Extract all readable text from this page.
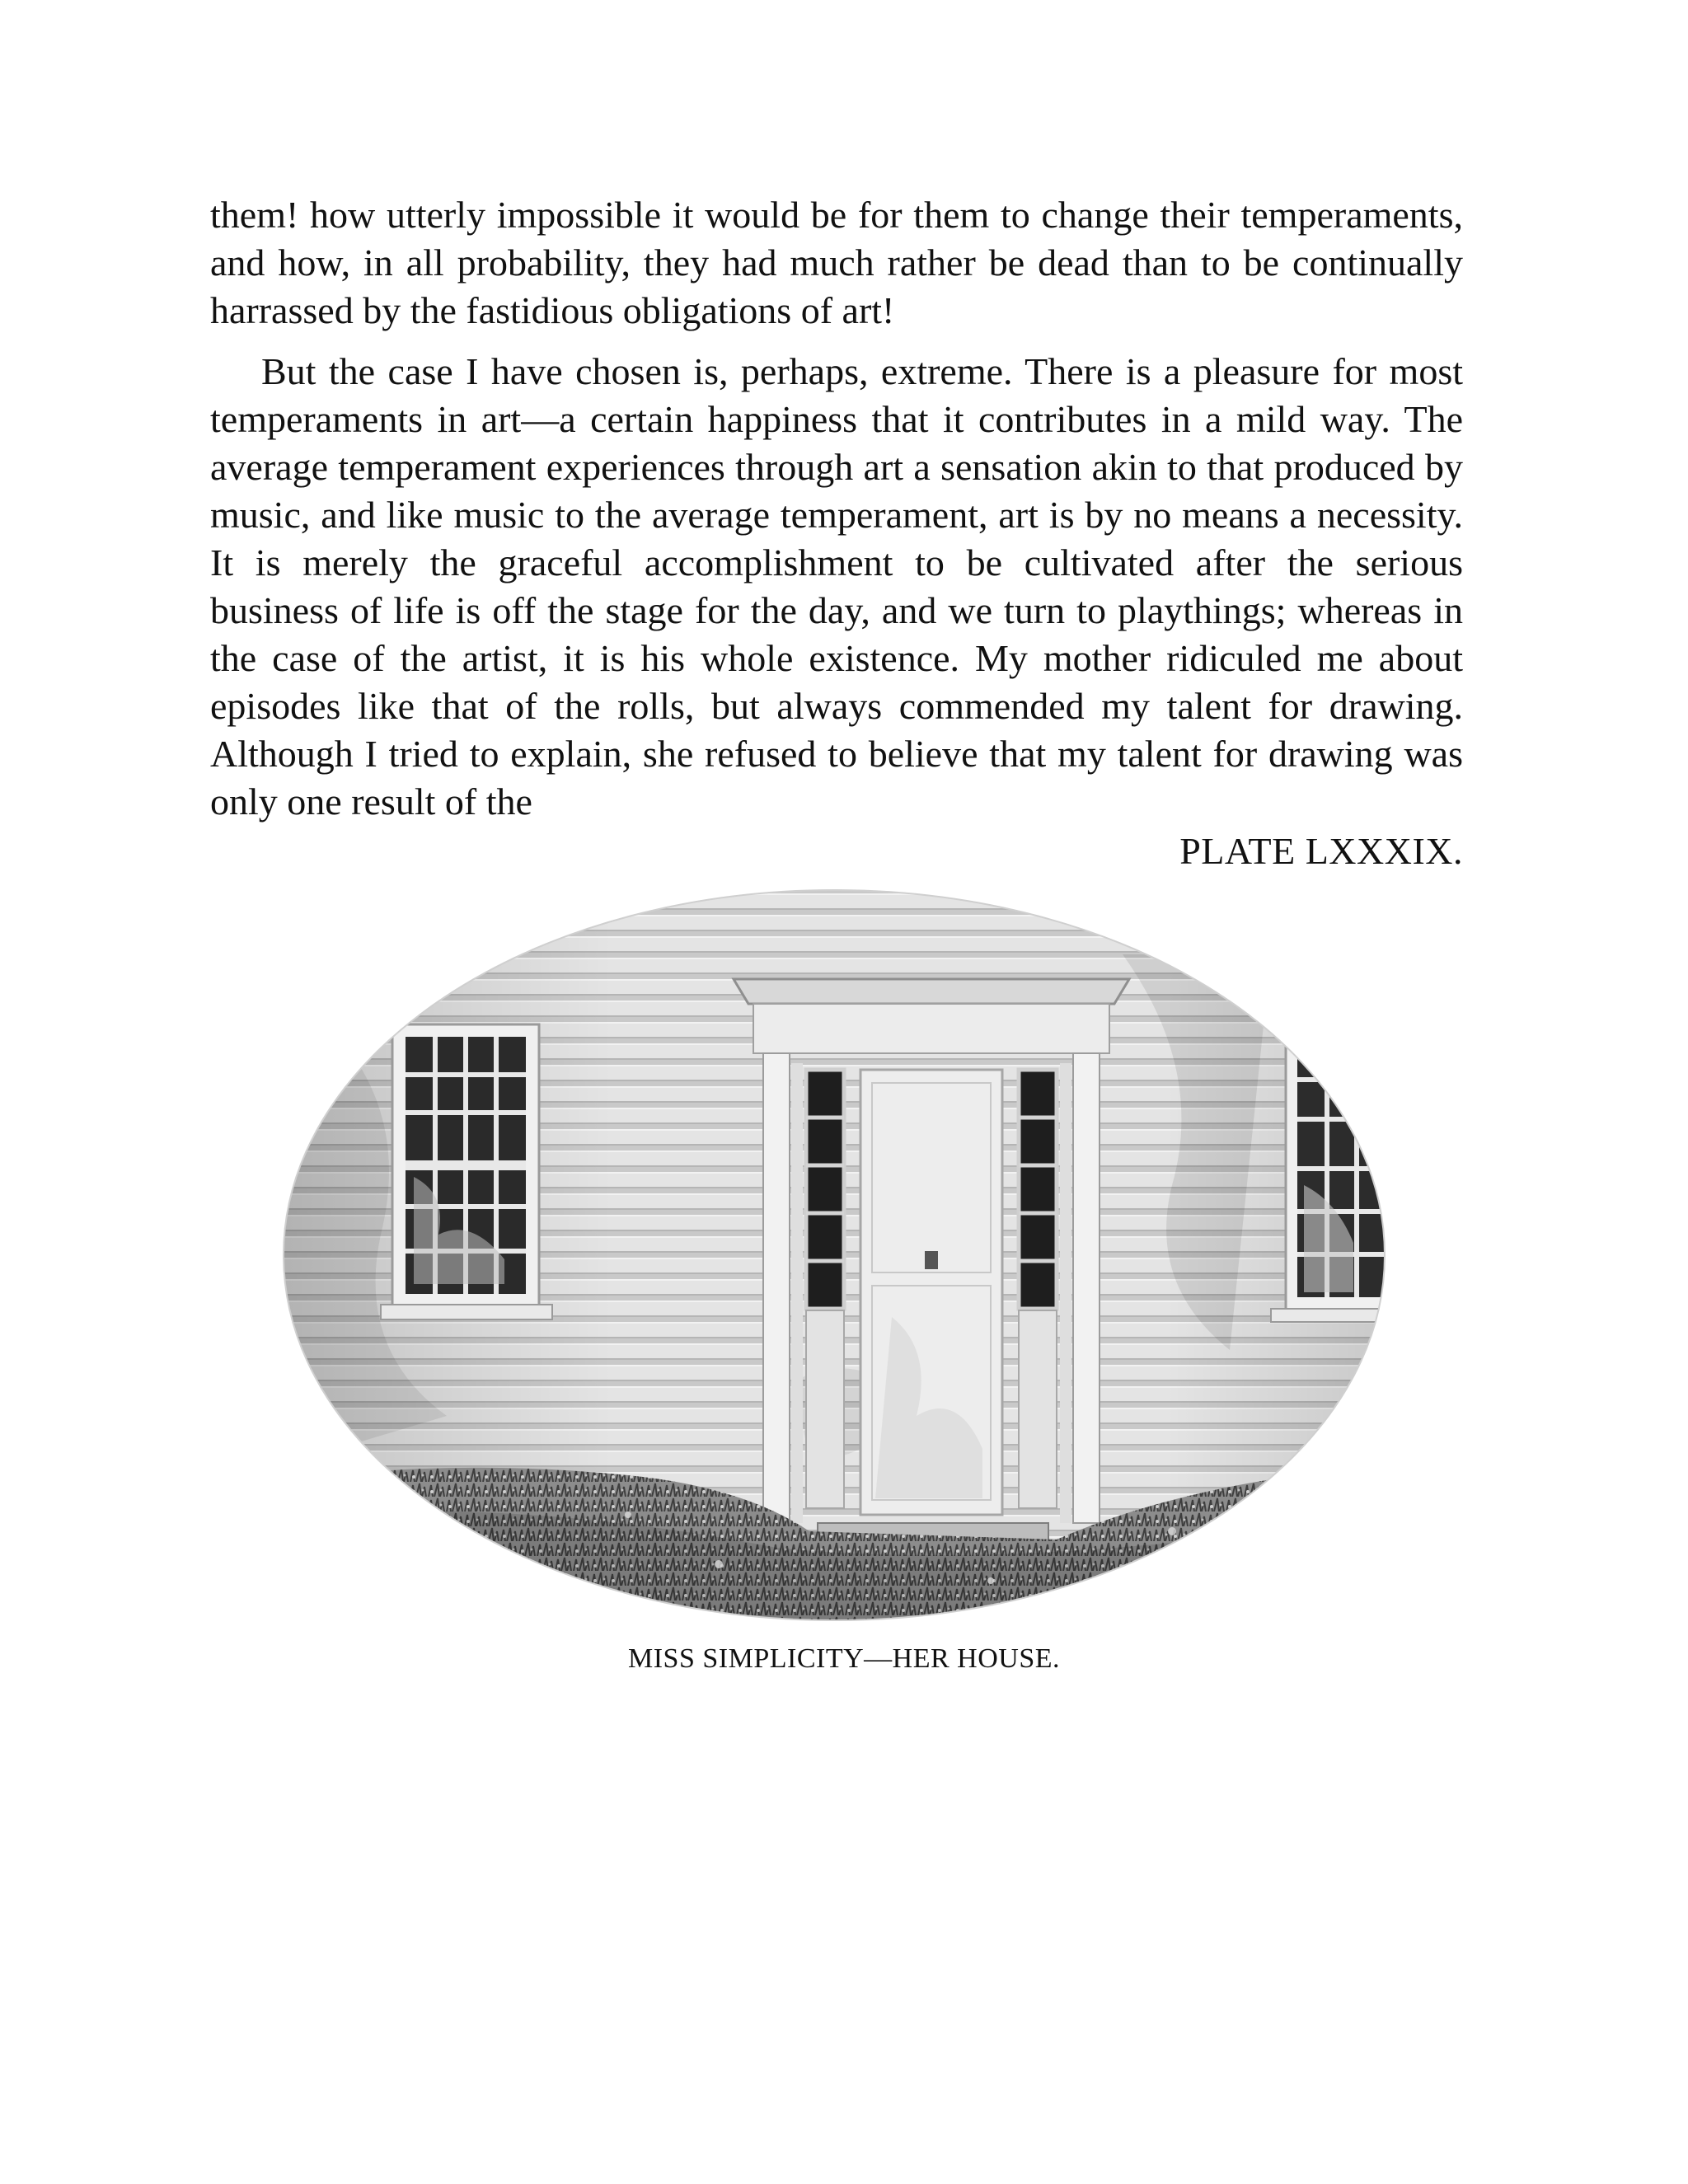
them! how utterly impossible it would be for them to change their temperaments, and how, in all probability, they had much rather be dead than to be continually harrassed by the fastidious obligations of art!

But the case I have chosen is, perhaps, extreme. There is a pleasure for most temperaments in art—a certain happiness that it contributes in a mild way. The average temperament experiences through art a sensation akin to that produced by music, and like music to the average temperament, art is by no means a necessity. It is merely the graceful accomplishment to be cultivated after the serious business of life is off the stage for the day, and we turn to playthings; whereas in the case of the artist, it is his whole existence. My mother ridiculed me about episodes like that of the rolls, but always commended my talent for drawing. Although I tried to explain, she refused to believe that my talent for drawing was only one result of the

PLATE LXXXIX.
MISS SIMPLICITY—HER HOUSE.
